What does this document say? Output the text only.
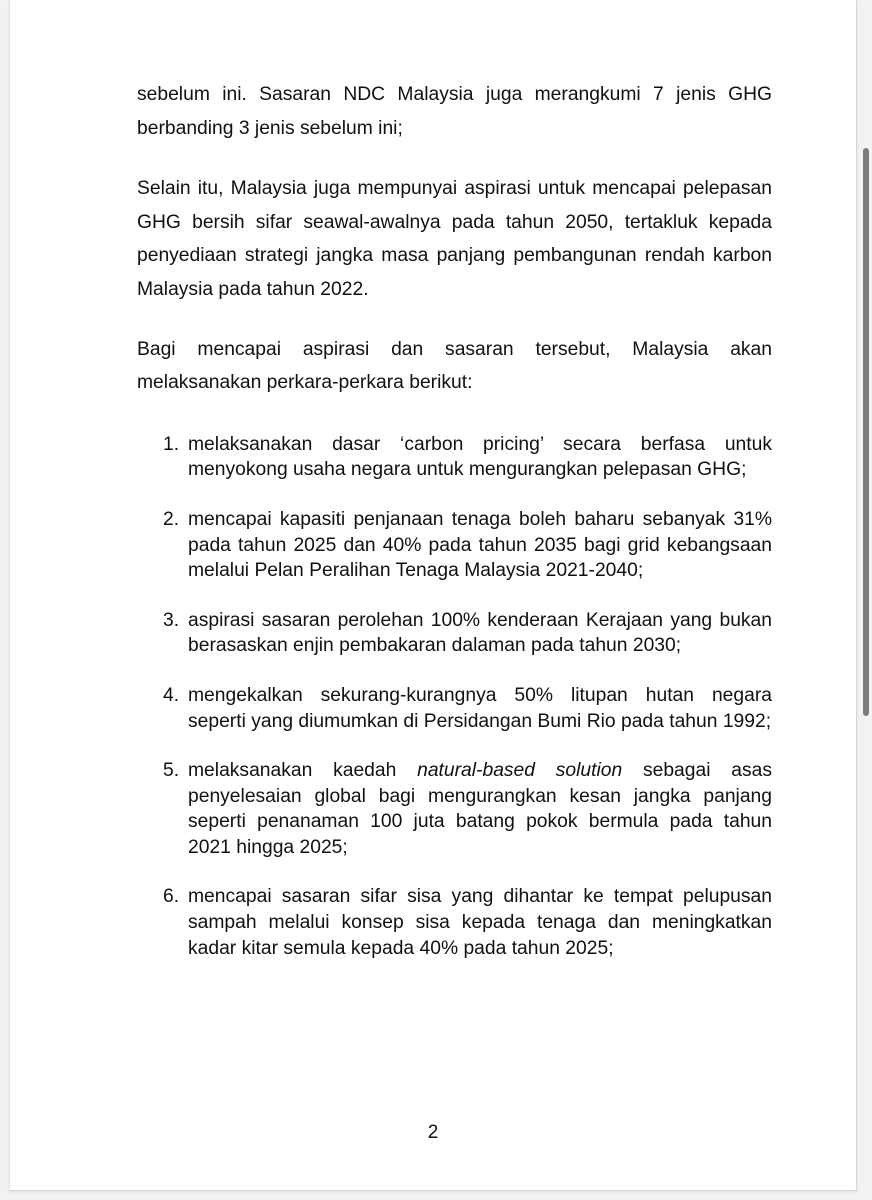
sebelum ini. Sasaran NDC Malaysia juga merangkumi 7 jenis GHG berbanding 3 jenis sebelum ini;

Selain itu, Malaysia juga mempunyai aspirasi untuk mencapai pelepasan GHG bersih sifar seawal-awalnya pada tahun 2050, tertakluk kepada penyediaan strategi jangka masa panjang pembangunan rendah karbon Malaysia pada tahun 2022.

Bagi mencapai aspirasi dan sasaran tersebut, Malaysia akan melaksanakan perkara-perkara berikut:

1. melaksanakan dasar ‘carbon pricing’ secara berfasa untuk menyokong usaha negara untuk mengurangkan pelepasan GHG;
2. mencapai kapasiti penjanaan tenaga boleh baharu sebanyak 31% pada tahun 2025 dan 40% pada tahun 2035 bagi grid kebangsaan melalui Pelan Peralihan Tenaga Malaysia 2021-2040;
3. aspirasi sasaran perolehan 100% kenderaan Kerajaan yang bukan berasaskan enjin pembakaran dalaman pada tahun 2030;
4. mengekalkan sekurang-kurangnya 50% litupan hutan negara seperti yang diumumkan di Persidangan Bumi Rio pada tahun 1992;
5. melaksanakan kaedah natural-based solution sebagai asas penyelesaian global bagi mengurangkan kesan jangka panjang seperti penanaman 100 juta batang pokok bermula pada tahun 2021 hingga 2025;
6. mencapai sasaran sifar sisa yang dihantar ke tempat pelupusan sampah melalui konsep sisa kepada tenaga dan meningkatkan kadar kitar semula kepada 40% pada tahun 2025;
2
